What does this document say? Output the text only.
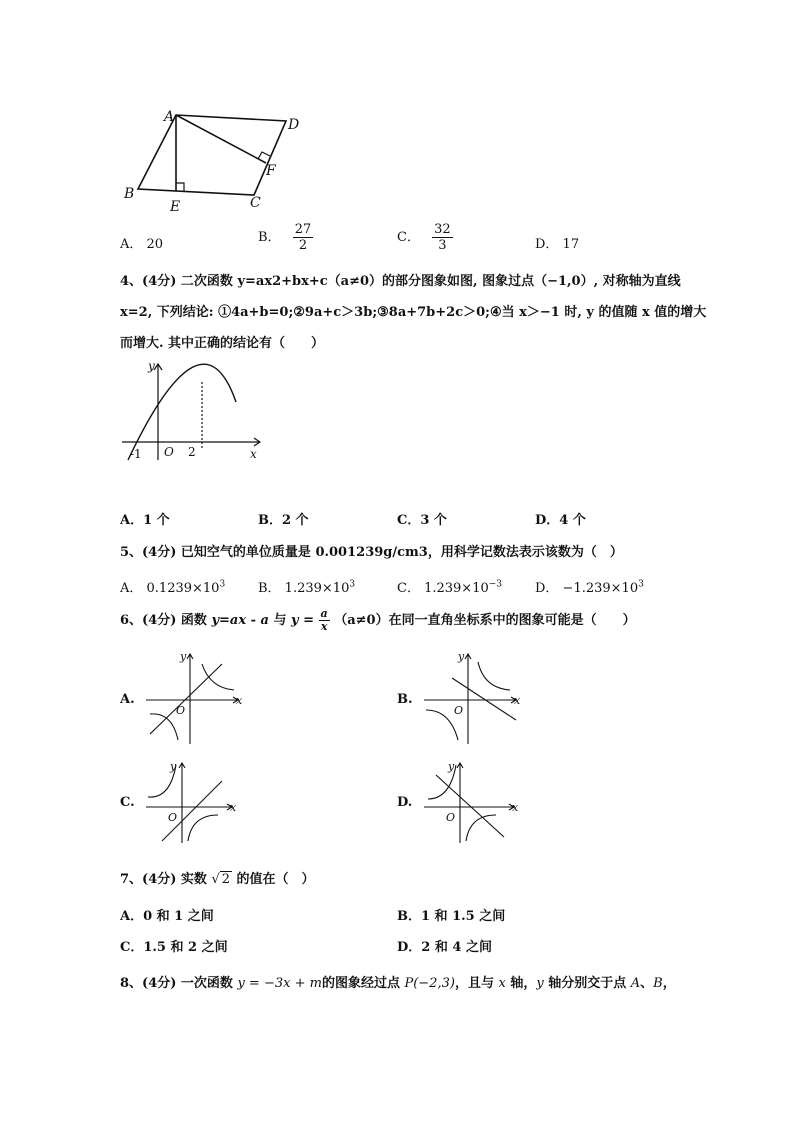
A	D
F
B
E	C
A． 20	B． $\frac{27}{2}$	C． $\frac{32}{3}$	D． 17
4、(4分) 二次函数 y=ax2+bx+c（a≠0）的部分图象如图, 图象过点（−1,0）, 对称轴为直线
x=2, 下列结论: ①4a+b=0;②9a+c＞3b;③8a+7b+2c＞0;④当 x＞−1 时, y 的值随 x 值的增大
而增大. 其中正确的结论有（　　）
y
x
-1 O 2
A．1 个	B．2 个	C．3 个	D．4 个
5、(4分) 已知空气的单位质量是 0.001239g/cm3，用科学记数法表示该数为（　）
A． $0.1239\times 10^3$	B． $1.239\times 10^3$	C． $1.239\times 10^{-3}$	D． $-1.239\times 10^3$
6、(4分) 函数 y=ax - a 与 $y = \frac{a}{x} (a\ne 0)$在同一直角坐标系中的图象可能是（　　）
A.
y
x
O
B.
y
x
O
C.
y
x
O
D.
y
x
O
7、(4分) 实数 √ 2 的值在（　）
A．0 和 1 之间	B．1 和 1.5 之间
C．1.5 和 2 之间	D．2 和 4 之间
8、(4分) 一次函数 y = −3x + m的图象经过点 P(−2,3)，且与 x 轴，y 轴分别交于点 A、B，
